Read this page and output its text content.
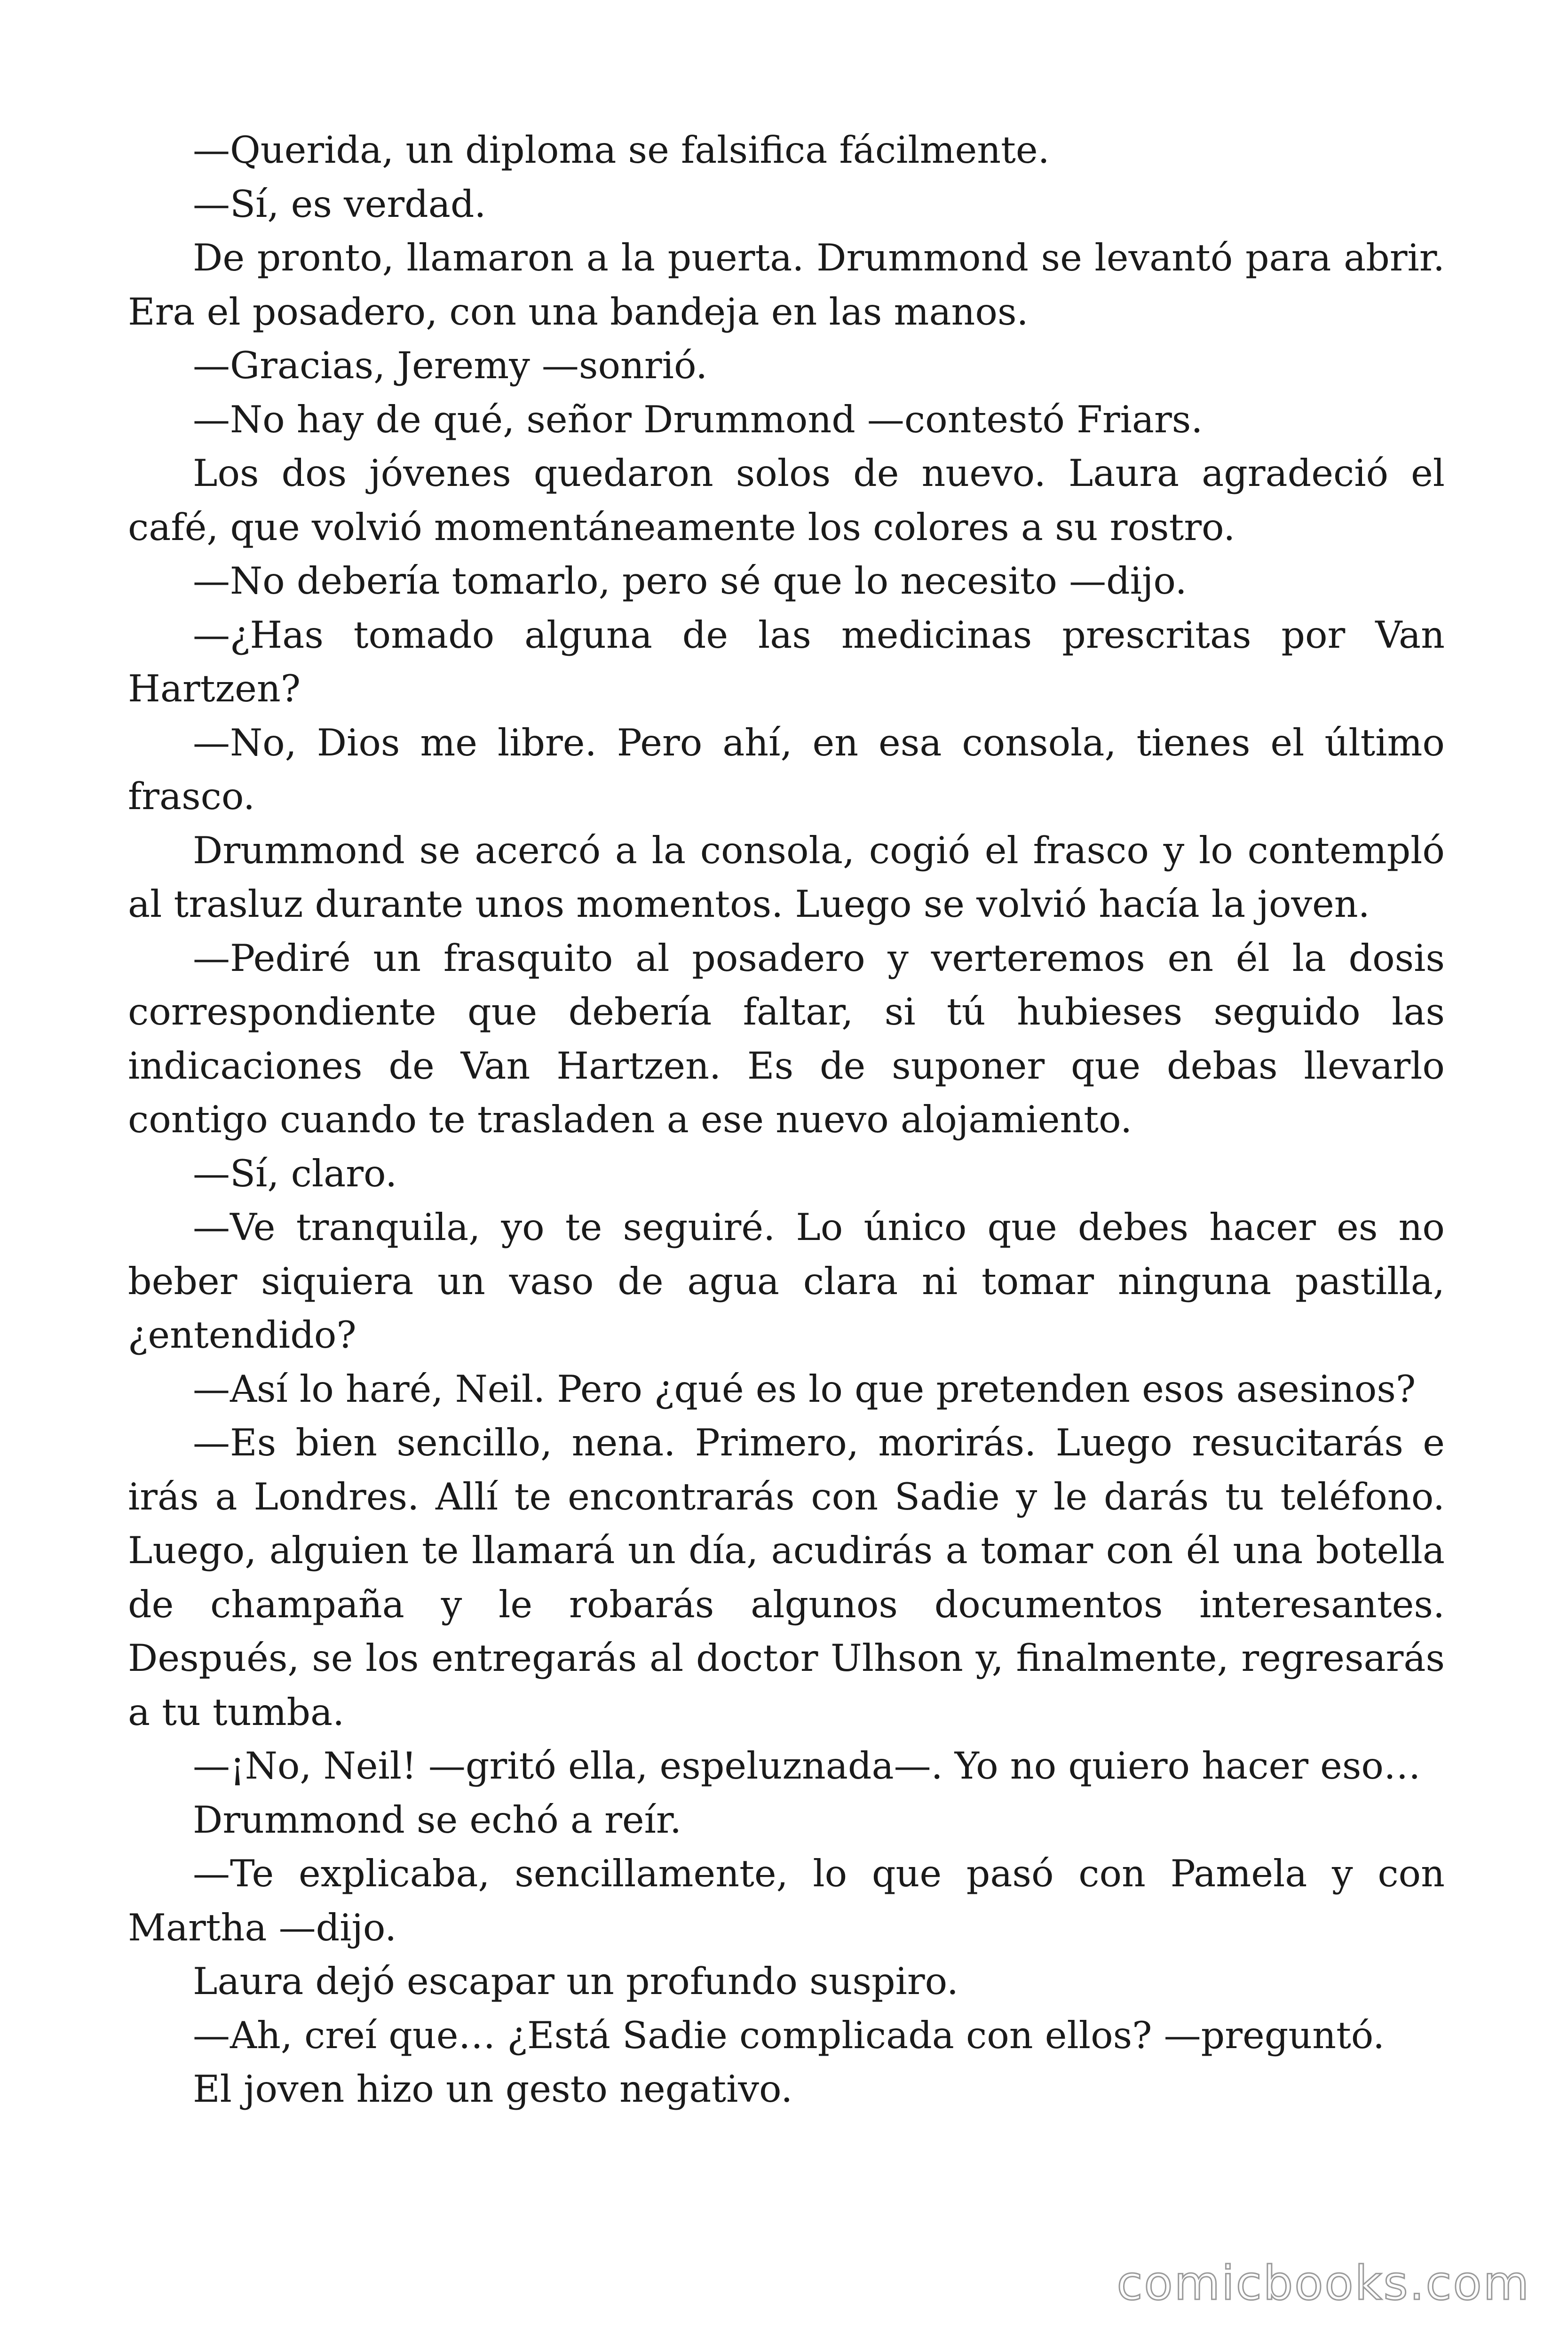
—Querida, un diploma se falsifica fácilmente.

—Sí, es verdad.

De pronto, llamaron a la puerta. Drummond se levantó para abrir. Era el posadero, con una bandeja en las manos.

—Gracias, Jeremy —sonrió.

—No hay de qué, señor Drummond —contestó Friars.

Los dos jóvenes quedaron solos de nuevo. Laura agradeció el café, que volvió momentáneamente los colores a su rostro.

—No debería tomarlo, pero sé que lo necesito —dijo.

—¿Has tomado alguna de las medicinas prescritas por Van Hartzen?

—No, Dios me libre. Pero ahí, en esa consola, tienes el último frasco.

Drummond se acercó a la consola, cogió el frasco y lo contempló al trasluz durante unos momentos. Luego se volvió hacía la joven.

—Pediré un frasquito al posadero y verteremos en él la dosis correspondiente que debería faltar, si tú hubieses seguido las indicaciones de Van Hartzen. Es de suponer que debas llevarlo contigo cuando te trasladen a ese nuevo alojamiento.

—Sí, claro.

—Ve tranquila, yo te seguiré. Lo único que debes hacer es no beber siquiera un vaso de agua clara ni tomar ninguna pastilla, ¿entendido?

—Así lo haré, Neil. Pero ¿qué es lo que pretenden esos asesinos?

—Es bien sencillo, nena. Primero, morirás. Luego resucitarás e irás a Londres. Allí te encontrarás con Sadie y le darás tu teléfono. Luego, alguien te llamará un día, acudirás a tomar con él una botella de champaña y le robarás algunos documentos interesantes. Después, se los entregarás al doctor Ulhson y, finalmente, regresarás a tu tumba.

—¡No, Neil! —gritó ella, espeluznada—. Yo no quiero hacer eso…

Drummond se echó a reír.

—Te explicaba, sencillamente, lo que pasó con Pamela y con Martha —dijo.

Laura dejó escapar un profundo suspiro.

—Ah, creí que… ¿Está Sadie complicada con ellos? —preguntó.

El joven hizo un gesto negativo.

comicbooks.com
